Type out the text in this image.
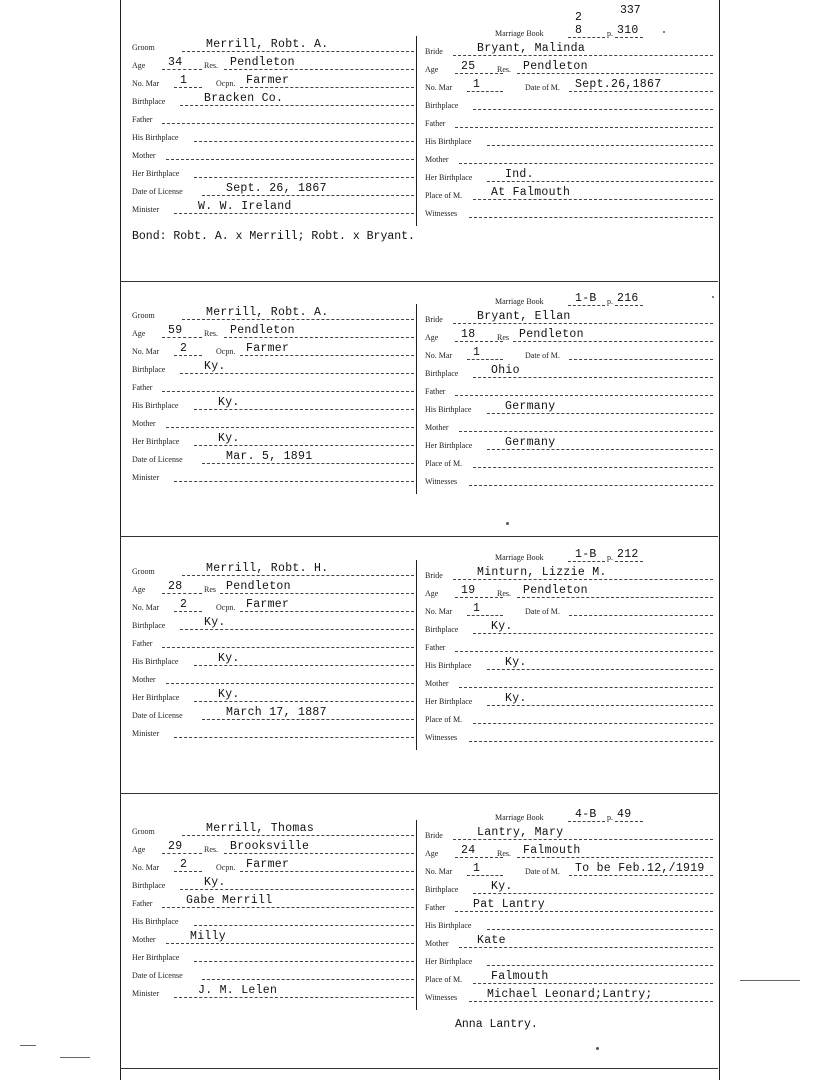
337
Groom	Merrill, Robt. A.
Age 34	Res. Pendleton
No. Mar 1	Ocpn. Farmer
Birthplace	Bracken Co.
Father
His Birthplace
Mother
Her Birthplace
Date of License	Sept. 26, 1867
Minister	W. W. Ireland
Marriage Book	8	p. 310
2
Bride	Bryant, Malinda
Age 25	Res. Pendleton
No. Mar 1	Date of M. Sept.26,1867
Birthplace
Father
His Birthplace
Mother
Her Birthplace	Ind.
Place of M.	At Falmouth
Witnesses
Bond: Robt. A. x Merrill; Robt. x Bryant.
Groom	Merrill, Robt. A.
Age 59	Res. Pendleton
No. Mar 2	Ocpn. Farmer
Birthplace	Ky.
Father
His Birthplace	Ky.
Mother
Her Birthplace	Ky.
Date of License	Mar. 5, 1891
Minister
Marriage Book	1-B p. 216
Bride	Bryant, Ellan
Age 18	Res Pendleton
No. Mar 1	Date of M.
Birthplace	Ohio
Father
His Birthplace	Germany
Mother
Her Birthplace	Germany
Place of M.
Witnesses
Groom	Merrill, Robt. H.
Age 28	Res Pendleton
No. Mar 2	Ocpn. Farmer
Birthplace	Ky.
Father
His Birthplace	Ky.
Mother
Her Birthplace	Ky.
Date of License	March 17, 1887
Minister
Marriage Book	1-B p. 212
Bride	Minturn, Lizzie M.
Age 19	Res. Pendleton
No. Mar 1	Date of M.
Birthplace	Ky.
Father
His Birthplace	Ky.
Mother
Her Birthplace	Ky.
Place of M.
Witnesses
Groom	Merrill, Thomas
Age 29	Res. Brooksville
No. Mar 2	Ocpn. Farmer
Birthplace	Ky.
Father	Gabe Merrill
His Birthplace
Mother	Milly
Her Birthplace
Date of License
Minister	J. M. Lelen
Marriage Book	4-B p. 49
Bride	Lantry, Mary
Age 24	Res. Falmouth
No. Mar 1	Date of M. To be Feb.12,/1919
Birthplace	Ky.
Father Pat Lantry
His Birthplace
Mother Kate
Her Birthplace
Place of M.	Falmouth
Witnesses	Michael Leonard;Lantry;
Anna Lantry.
